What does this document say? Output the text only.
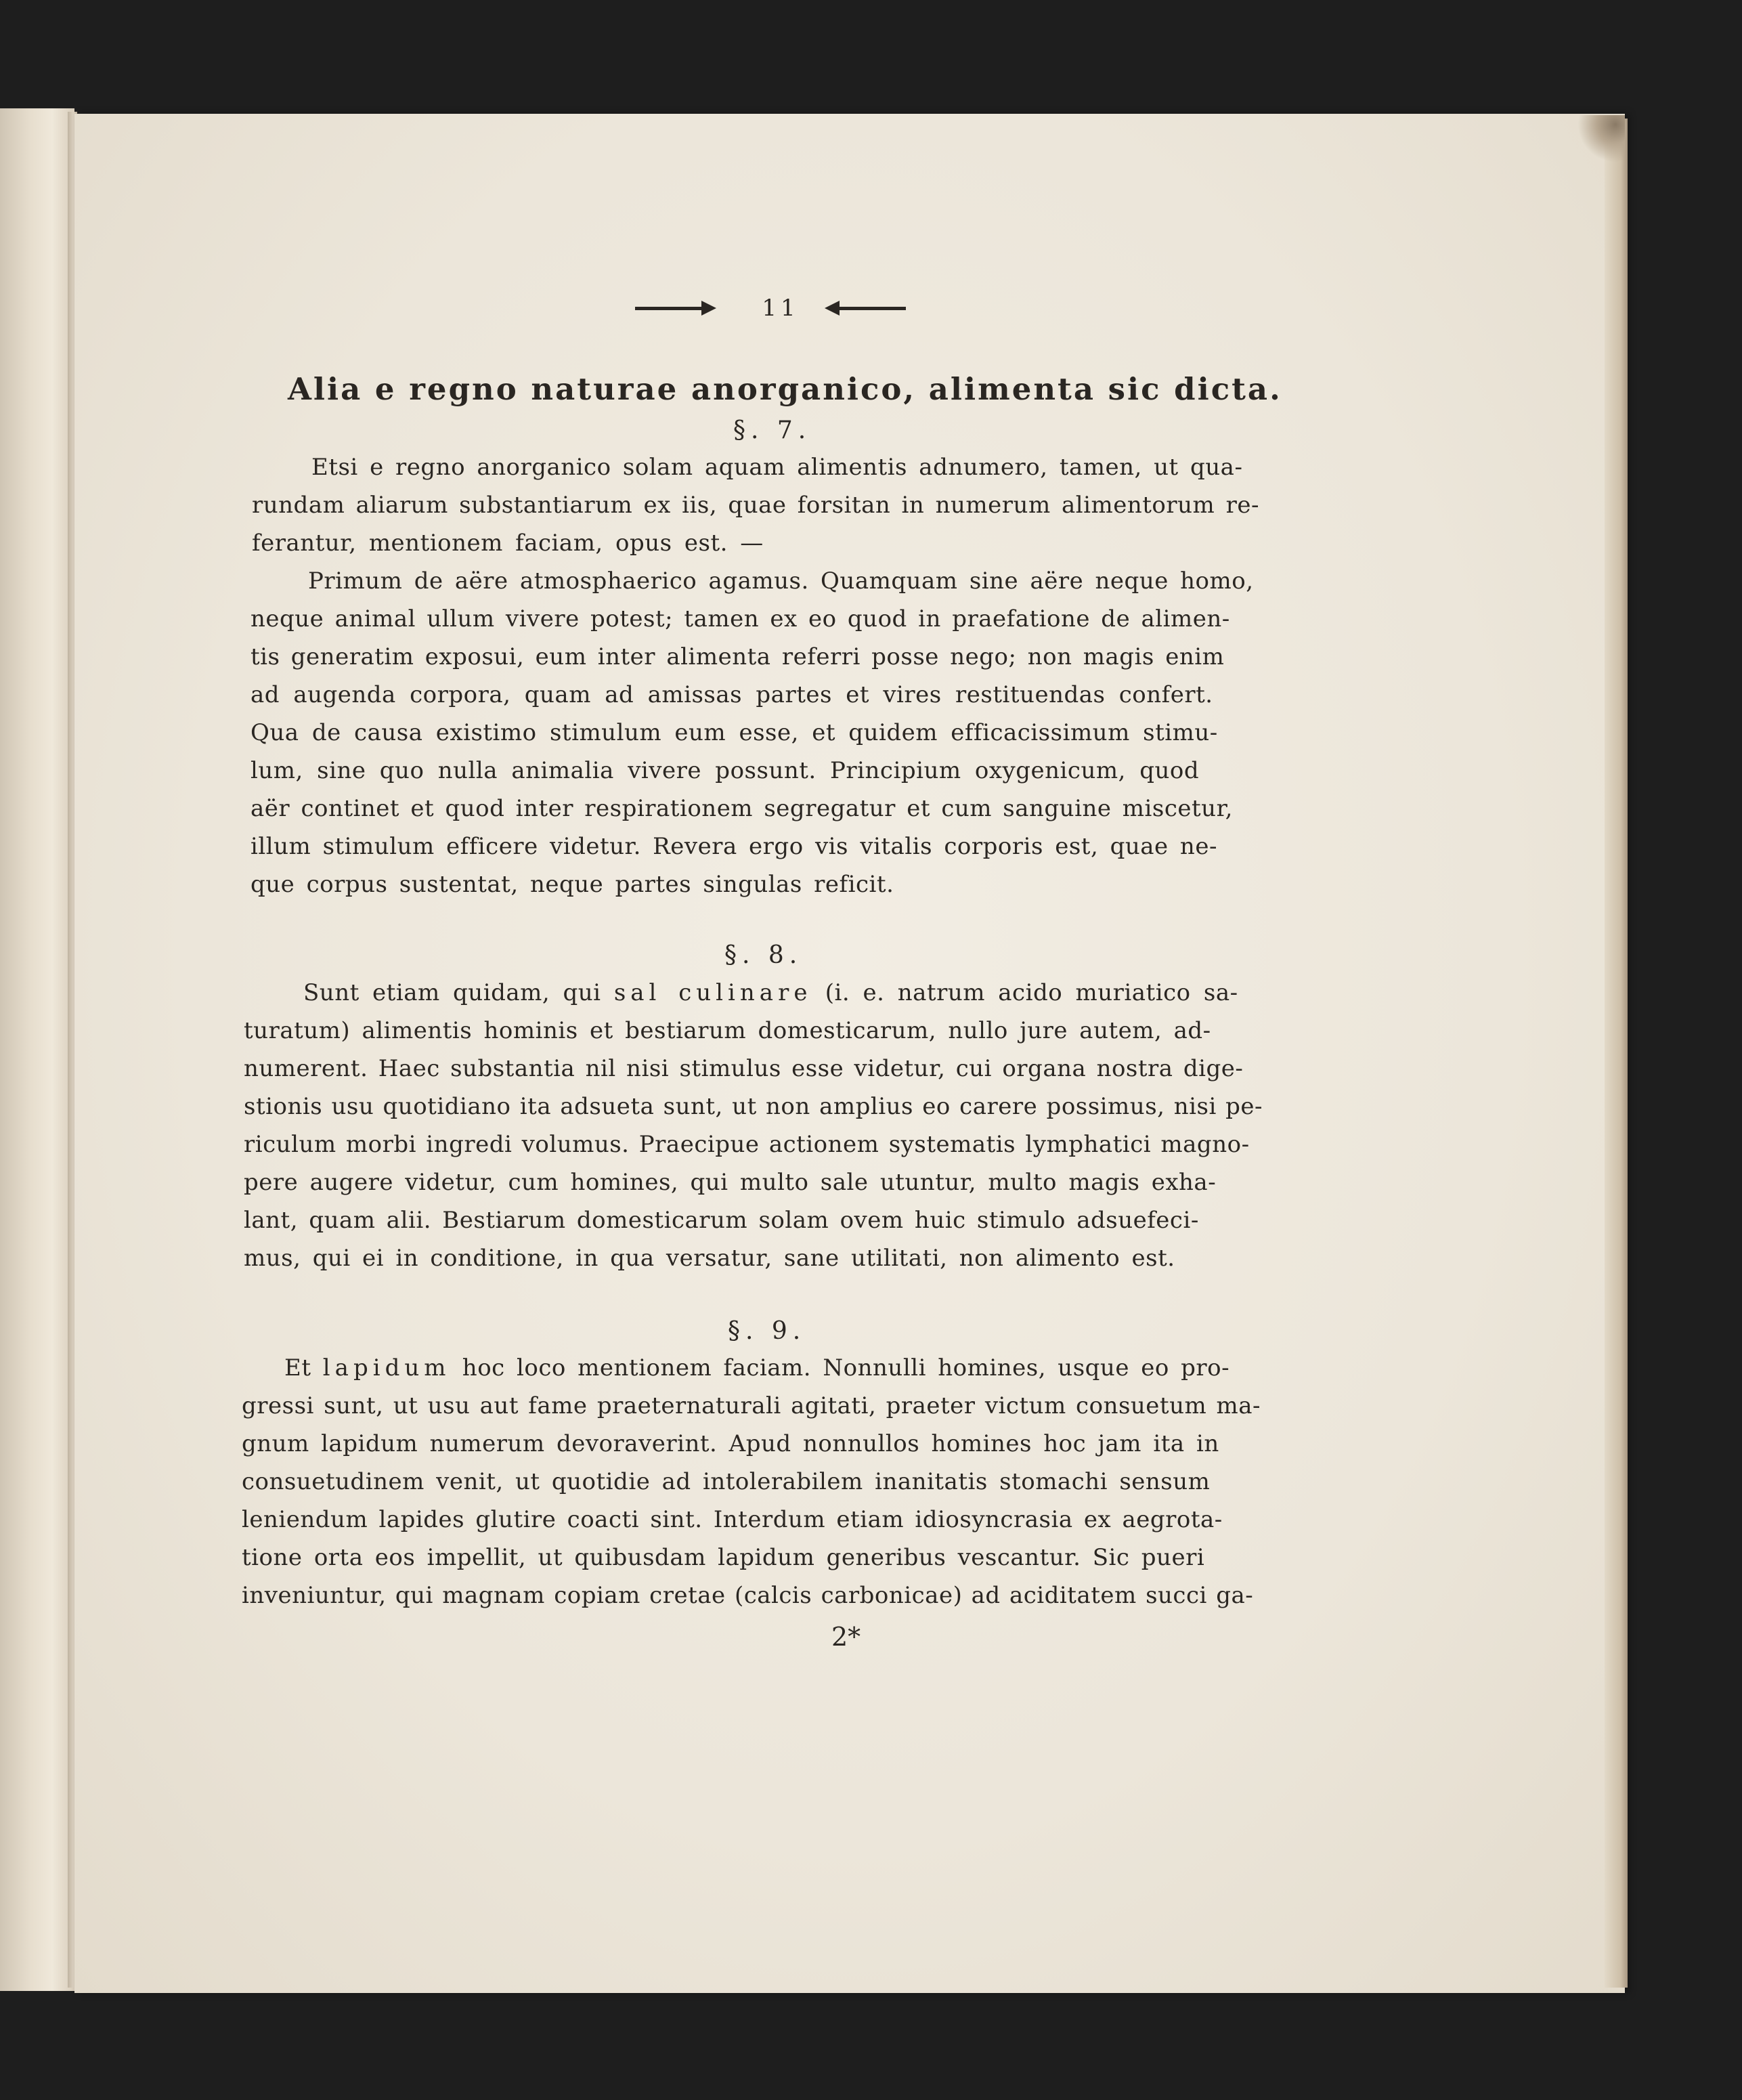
11
Alia e regno naturae anorganico, alimenta sic dicta.
§. 7.
Etsi e regno anorganico solam aquam alimentis adnumero, tamen, ut qua-
rundam aliarum substantiarum ex iis, quae forsitan in numerum alimentorum re-
ferantur, mentionem faciam, opus est. —
Primum de aëre atmosphaerico agamus. Quamquam sine aëre neque homo,
neque animal ullum vivere potest; tamen ex eo quod in praefatione de alimen-
tis generatim exposui, eum inter alimenta referri posse nego; non magis enim
ad augenda corpora, quam ad amissas partes et vires restituendas confert.
Qua de causa existimo stimulum eum esse, et quidem efficacissimum stimu-
lum, sine quo nulla animalia vivere possunt. Principium oxygenicum, quod
aër continet et quod inter respirationem segregatur et cum sanguine miscetur,
illum stimulum efficere videtur. Revera ergo vis vitalis corporis est, quae ne-
que corpus sustentat, neque partes singulas reficit.
§. 8.
Sunt etiam quidam, qui sal culinare (i. e. natrum acido muriatico sa-
turatum) alimentis hominis et bestiarum domesticarum, nullo jure autem, ad-
numerent. Haec substantia nil nisi stimulus esse videtur, cui organa nostra dige-
stionis usu quotidiano ita adsueta sunt, ut non amplius eo carere possimus, nisi pe-
riculum morbi ingredi volumus. Praecipue actionem systematis lymphatici magno-
pere augere videtur, cum homines, qui multo sale utuntur, multo magis exha-
lant, quam alii. Bestiarum domesticarum solam ovem huic stimulo adsuefeci-
mus, qui ei in conditione, in qua versatur, sane utilitati, non alimento est.
§. 9.
Et lapidum hoc loco mentionem faciam. Nonnulli homines, usque eo pro-
gressi sunt, ut usu aut fame praeternaturali agitati, praeter victum consuetum ma-
gnum lapidum numerum devoraverint. Apud nonnullos homines hoc jam ita in
consuetudinem venit, ut quotidie ad intolerabilem inanitatis stomachi sensum
leniendum lapides glutire coacti sint. Interdum etiam idiosyncrasia ex aegrota-
tione orta eos impellit, ut quibusdam lapidum generibus vescantur. Sic pueri
inveniuntur, qui magnam copiam cretae (calcis carbonicae) ad aciditatem succi ga-
2*
